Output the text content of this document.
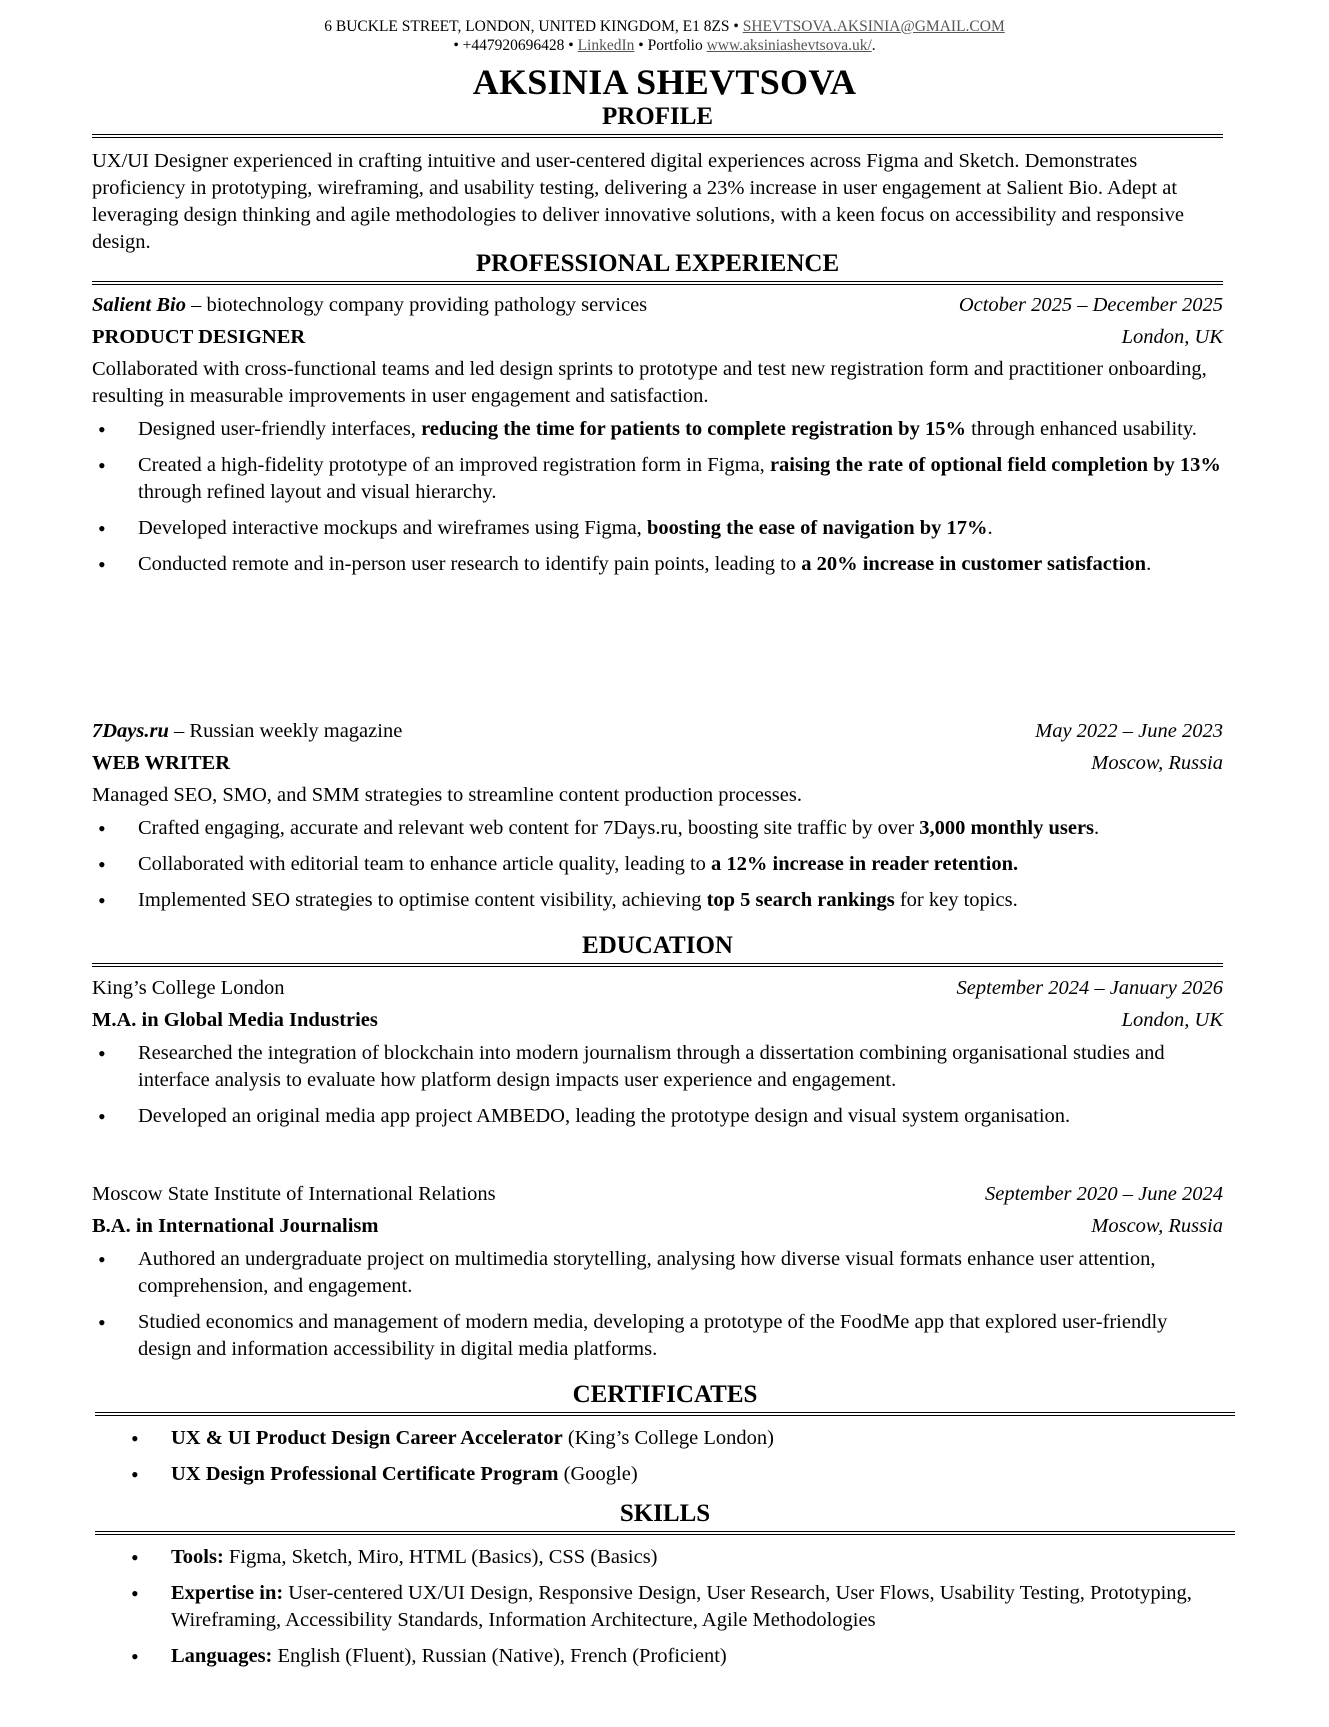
6 BUCKLE STREET, LONDON, UNITED KINGDOM, E1 8ZS • SHEVTSOVA.AKSINIA@GMAIL.COM
• +447920696428 • LinkedIn • Portfolio www.aksiniashevtsova.uk/.
AKSINIA SHEVTSOVA
PROFILE

UX/UI Designer experienced in crafting intuitive and user-centered digital experiences across Figma and Sketch. Demonstrates proficiency in prototyping, wireframing, and usability testing, delivering a 23% increase in user engagement at Salient Bio. Adept at leveraging design thinking and agile methodologies to deliver innovative solutions, with a keen focus on accessibility and responsive design.

PROFESSIONAL EXPERIENCE
Salient Bio – biotechnology company providing pathology services	October 2025 – December 2025
PRODUCT DESIGNER	London, UK

Collaborated with cross-functional teams and led design sprints to prototype and test new registration form and practitioner onboarding, resulting in measurable improvements in user engagement and satisfaction.

• Designed user-friendly interfaces, reducing the time for patients to complete registration by 15% through enhanced usability.
• Created a high-fidelity prototype of an improved registration form in Figma, raising the rate of optional field completion by 13% through refined layout and visual hierarchy.
• Developed interactive mockups and wireframes using Figma, boosting the ease of navigation by 17%.
• Conducted remote and in-person user research to identify pain points, leading to a 20% increase in customer satisfaction.
7Days.ru – Russian weekly magazine	May 2022 – June 2023
WEB WRITER	Moscow, Russia

Managed SEO, SMO, and SMM strategies to streamline content production processes.

• Crafted engaging, accurate and relevant web content for 7Days.ru, boosting site traffic by over 3,000 monthly users.
• Collaborated with editorial team to enhance article quality, leading to a 12% increase in reader retention.
• Implemented SEO strategies to optimise content visibility, achieving top 5 search rankings for key topics.
EDUCATION
King’s College London	September 2024 – January 2026
M.A. in Global Media Industries	London, UK
• Researched the integration of blockchain into modern journalism through a dissertation combining organisational studies and interface analysis to evaluate how platform design impacts user experience and engagement.
• Developed an original media app project AMBEDO, leading the prototype design and visual system organisation.
Moscow State Institute of International Relations	September 2020 – June 2024
B.A. in International Journalism	Moscow, Russia
• Authored an undergraduate project on multimedia storytelling, analysing how diverse visual formats enhance user attention, comprehension, and engagement.
• Studied economics and management of modern media, developing a prototype of the FoodMe app that explored user-friendly design and information accessibility in digital media platforms.
CERTIFICATES
• UX & UI Product Design Career Accelerator (King’s College London)
• UX Design Professional Certificate Program (Google)
SKILLS
• Tools: Figma, Sketch, Miro, HTML (Basics), CSS (Basics)
• Expertise in: User-centered UX/UI Design, Responsive Design, User Research, User Flows, Usability Testing, Prototyping, Wireframing, Accessibility Standards, Information Architecture, Agile Methodologies
• Languages: English (Fluent), Russian (Native), French (Proficient)
